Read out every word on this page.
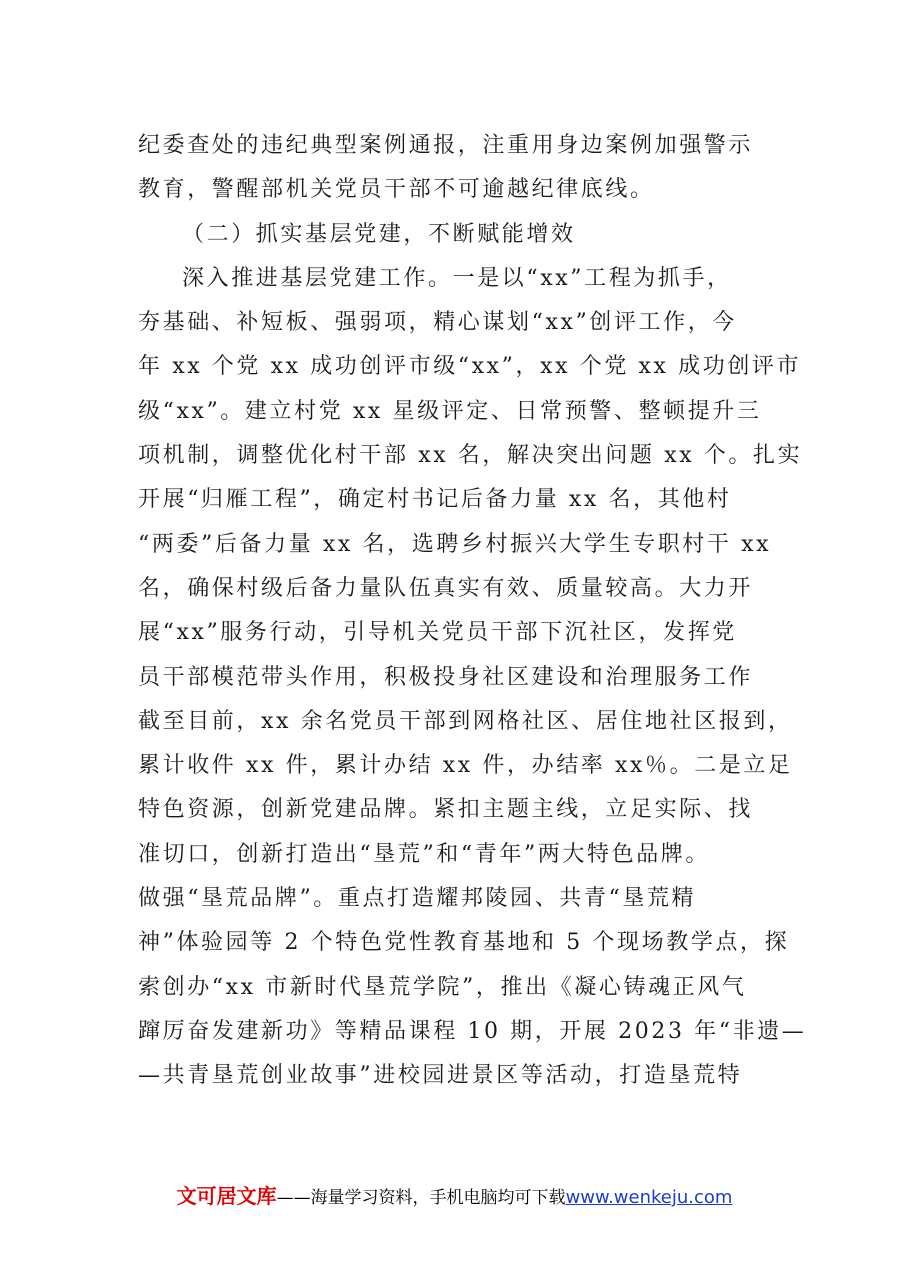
纪委查处的违纪典型案例通报，注重用身边案例加强警示
教育，警醒部机关党员干部不可逾越纪律底线。
（二）抓实基层党建，不断赋能增效
深入推进基层党建工作。一是以“xx”工程为抓手，
夯基础、补短板、强弱项，精心谋划“xx”创评工作，今
年 xx 个党 xx 成功创评市级“xx”，xx 个党 xx 成功创评市
级“xx”。建立村党 xx 星级评定、日常预警、整顿提升三
项机制，调整优化村干部 xx 名，解决突出问题 xx 个。扎实
开展“归雁工程”，确定村书记后备力量 xx 名，其他村
“两委”后备力量 xx 名，选聘乡村振兴大学生专职村干 xx
名，确保村级后备力量队伍真实有效、质量较高。大力开
展“xx”服务行动，引导机关党员干部下沉社区，发挥党
员干部模范带头作用，积极投身社区建设和治理服务工作
截至目前，xx 余名党员干部到网格社区、居住地社区报到，
累计收件 xx 件，累计办结 xx 件，办结率 xx％。二是立足
特色资源，创新党建品牌。紧扣主题主线，立足实际、找
准切口，创新打造出“垦荒”和“青年”两大特色品牌。
做强“垦荒品牌”。重点打造耀邦陵园、共青“垦荒精
神”体验园等 2 个特色党性教育基地和 5 个现场教学点，探
索创办“xx 市新时代垦荒学院”，推出《凝心铸魂正风气
蹿厉奋发建新功》等精品课程 10 期，开展 2023 年“非遗—
—共青垦荒创业故事”进校园进景区等活动，打造垦荒特
文可居文库——海量学习资料，手机电脑均可下载www.wenkeju.com
